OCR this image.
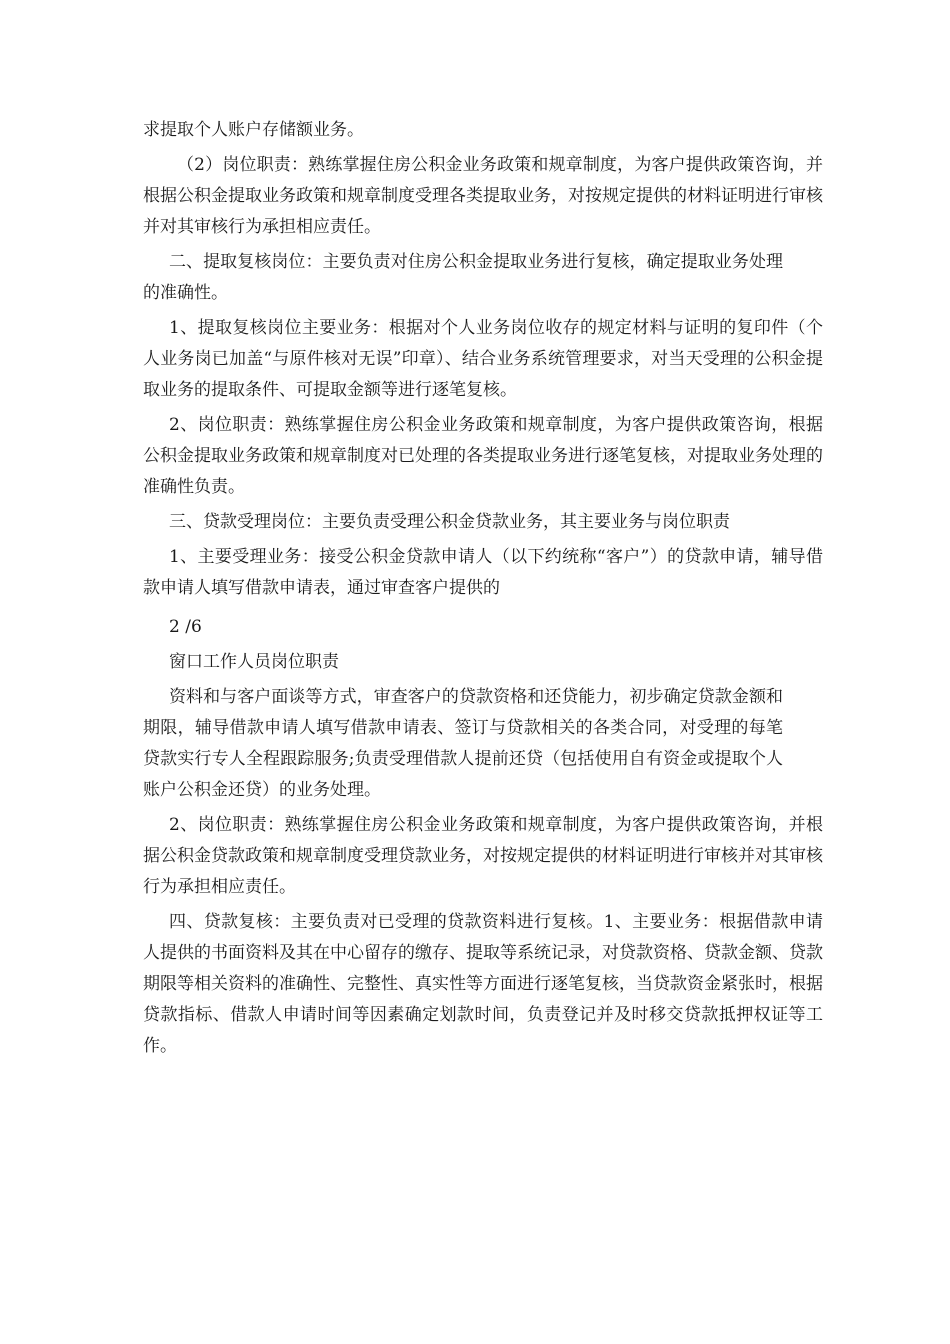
求提取个人账户存储额业务。

（2）岗位职责：熟练掌握住房公积金业务政策和规章制度，为客户提供政策咨询，并根据公积金提取业务政策和规章制度受理各类提取业务，对按规定提供的材料证明进行审核并对其审核行为承担相应责任。

二、提取复核岗位：主要负责对住房公积金提取业务进行复核，确定提取业务处理的准确性。

1、提取复核岗位主要业务：根据对个人业务岗位收存的规定材料与证明的复印件（个人业务岗已加盖“与原件核对无误”印章）、结合业务系统管理要求，对当天受理的公积金提取业务的提取条件、可提取金额等进行逐笔复核。

2、岗位职责：熟练掌握住房公积金业务政策和规章制度，为客户提供政策咨询，根据公积金提取业务政策和规章制度对已处理的各类提取业务进行逐笔复核，对提取业务处理的准确性负责。

三、贷款受理岗位：主要负责受理公积金贷款业务，其主要业务与岗位职责

1、主要受理业务：接受公积金贷款申请人（以下约统称“客户”）的贷款申请，辅导借款申请人填写借款申请表，通过审查客户提供的

2 /6

窗口工作人员岗位职责

资料和与客户面谈等方式，审查客户的贷款资格和还贷能力，初步确定贷款金额和期限，辅导借款申请人填写借款申请表、签订与贷款相关的各类合同，对受理的每笔贷款实行专人全程跟踪服务;负责受理借款人提前还贷（包括使用自有资金或提取个人账户公积金还贷）的业务处理。

2、岗位职责：熟练掌握住房公积金业务政策和规章制度，为客户提供政策咨询，并根据公积金贷款政策和规章制度受理贷款业务，对按规定提供的材料证明进行审核并对其审核行为承担相应责任。

四、贷款复核：主要负责对已受理的贷款资料进行复核。1、主要业务：根据借款申请人提供的书面资料及其在中心留存的缴存、提取等系统记录，对贷款资格、贷款金额、贷款期限等相关资料的准确性、完整性、真实性等方面进行逐笔复核，当贷款资金紧张时，根据贷款指标、借款人申请时间等因素确定划款时间，负责登记并及时移交贷款抵押权证等工作。
